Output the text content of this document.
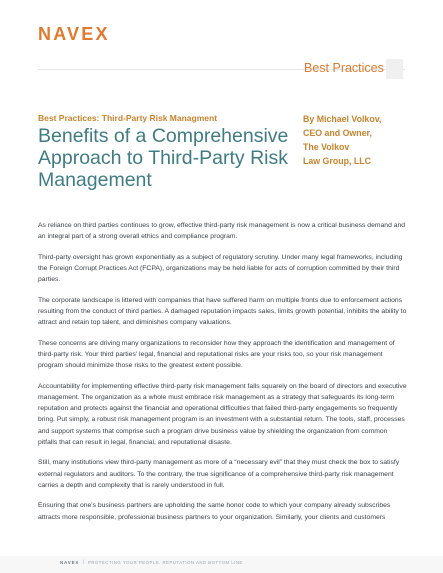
NAVEX
Best Practices
Best Practices: Third-Party Risk Managment
Benefits of a Comprehensive Approach to Third-Party Risk Management
By Michael Volkov,
CEO and Owner,
The Volkov
Law Group, LLC

As reliance on third parties continues to grow, effective third-party risk management is now a critical business demand and an integral part of a strong overall ethics and compliance program.

Third-party oversight has grown exponentially as a subject of regulatory scrutiny. Under many legal frameworks, including the Foreign Corrupt Practices Act (FCPA), organizations may be held liable for acts of corruption committed by their third parties.

The corporate landscape is littered with companies that have suffered harm on multiple fronts due to enforcement actions resulting from the conduct of third parties. A damaged reputation impacts sales, limits growth potential, inhibits the ability to attract and retain top talent, and diminishes company valuations.

These concerns are driving many organizations to reconsider how they approach the identification and management of third-party risk. Your third parties' legal, financial and reputational risks are your risks too, so your risk management program should minimize those risks to the greatest extent possible.

Accountability for implementing effective third-party risk management falls squarely on the board of directors and executive management. The organization as a whole must embrace risk management as a strategy that safeguards its long-term reputation and protects against the financial and operational difficulties that failed third-party engagements so frequently bring. Put simply, a robust risk management program is an investment with a substantial return. The tools, staff, processes and support systems that comprise such a program drive business value by shielding the organization from common pitfalls that can result in legal, financial, and reputational disaste.

Still, many institutions view third-party management as more of a “necessary evil” that they must check the box to satisfy external regulators and auditors. To the contrary, the true significance of a comprehensive third-party risk management carries a depth and complexity that is rarely understood in full.

Ensuring that one's business partners are upholding the same honor code to which your company already subscribes attracts more responsible, professional business partners to your organization. Similarly, your clients and customers

NAVEX | PROTECTING YOUR PEOPLE, REPUTATION AND BOTTOM LINE
